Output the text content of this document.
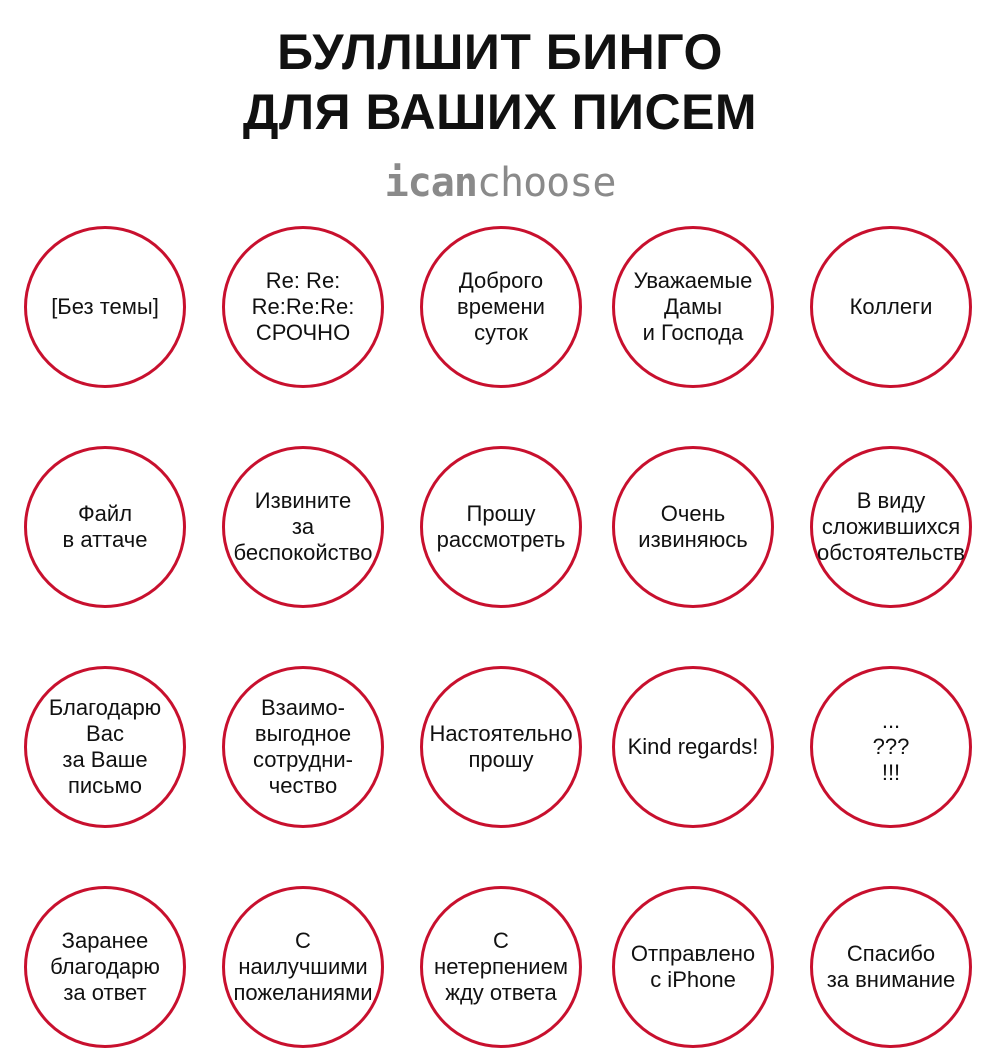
БУЛЛШИТ БИНГО
ДЛЯ ВАШИХ ПИСЕМ
icanchoose
[Без темы]
Re: Re:
Re:Re:Re:
СРОЧНО
Доброго
времени
суток
Уважаемые
Дамы
и Господа
Коллеги
Файл
в аттаче
Извините
за
беспокойство
Прошу
рассмотреть
Очень
извиняюсь
В виду
сложившихся
обстоятельств
Благодарю
Вас
за Ваше
письмо
Взаимо-
выгодное
сотрудни-
чество
Настоятельно
прошу
Kind regards!
...
???
!!!
Заранее
благодарю
за ответ
С
наилучшими
пожеланиями
С
нетерпением
жду ответа
Отправлено
с iPhone
Спасибо
за внимание
